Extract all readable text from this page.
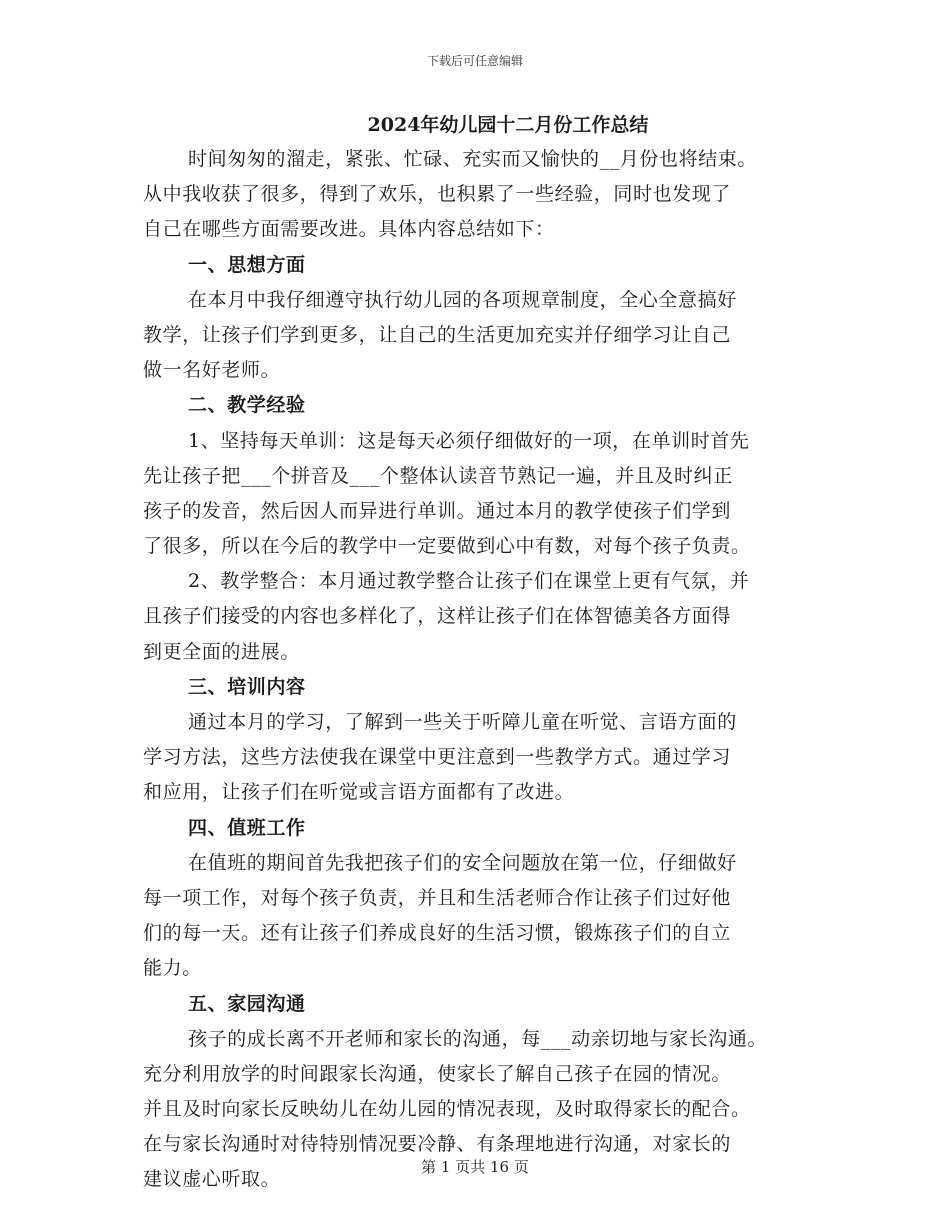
下载后可任意编辑
2024年幼儿园十二月份工作总结
时间匆匆的溜走，紧张、忙碌、充实而又愉快的__月份也将结束。
从中我收获了很多，得到了欢乐，也积累了一些经验，同时也发现了
自己在哪些方面需要改进。具体内容总结如下：
一、思想方面
在本月中我仔细遵守执行幼儿园的各项规章制度，全心全意搞好
教学，让孩子们学到更多，让自己的生活更加充实并仔细学习让自己
做一名好老师。
二、教学经验
1、坚持每天单训：这是每天必须仔细做好的一项，在单训时首先
先让孩子把___个拼音及___个整体认读音节熟记一遍，并且及时纠正
孩子的发音，然后因人而异进行单训。通过本月的教学使孩子们学到
了很多，所以在今后的教学中一定要做到心中有数，对每个孩子负责。
2、教学整合：本月通过教学整合让孩子们在课堂上更有气氛，并
且孩子们接受的内容也多样化了，这样让孩子们在体智德美各方面得
到更全面的进展。
三、培训内容
通过本月的学习，了解到一些关于听障儿童在听觉、言语方面的
学习方法，这些方法使我在课堂中更注意到一些教学方式。通过学习
和应用，让孩子们在听觉或言语方面都有了改进。
四、值班工作
在值班的期间首先我把孩子们的安全问题放在第一位，仔细做好
每一项工作，对每个孩子负责，并且和生活老师合作让孩子们过好他
们的每一天。还有让孩子们养成良好的生活习惯，锻炼孩子们的自立
能力。
五、家园沟通
孩子的成长离不开老师和家长的沟通，每___动亲切地与家长沟通。
充分利用放学的时间跟家长沟通，使家长了解自己孩子在园的情况。
并且及时向家长反映幼儿在幼儿园的情况表现，及时取得家长的配合。
在与家长沟通时对待特别情况要冷静、有条理地进行沟通，对家长的
建议虚心听取。
第 1 页共 16 页
